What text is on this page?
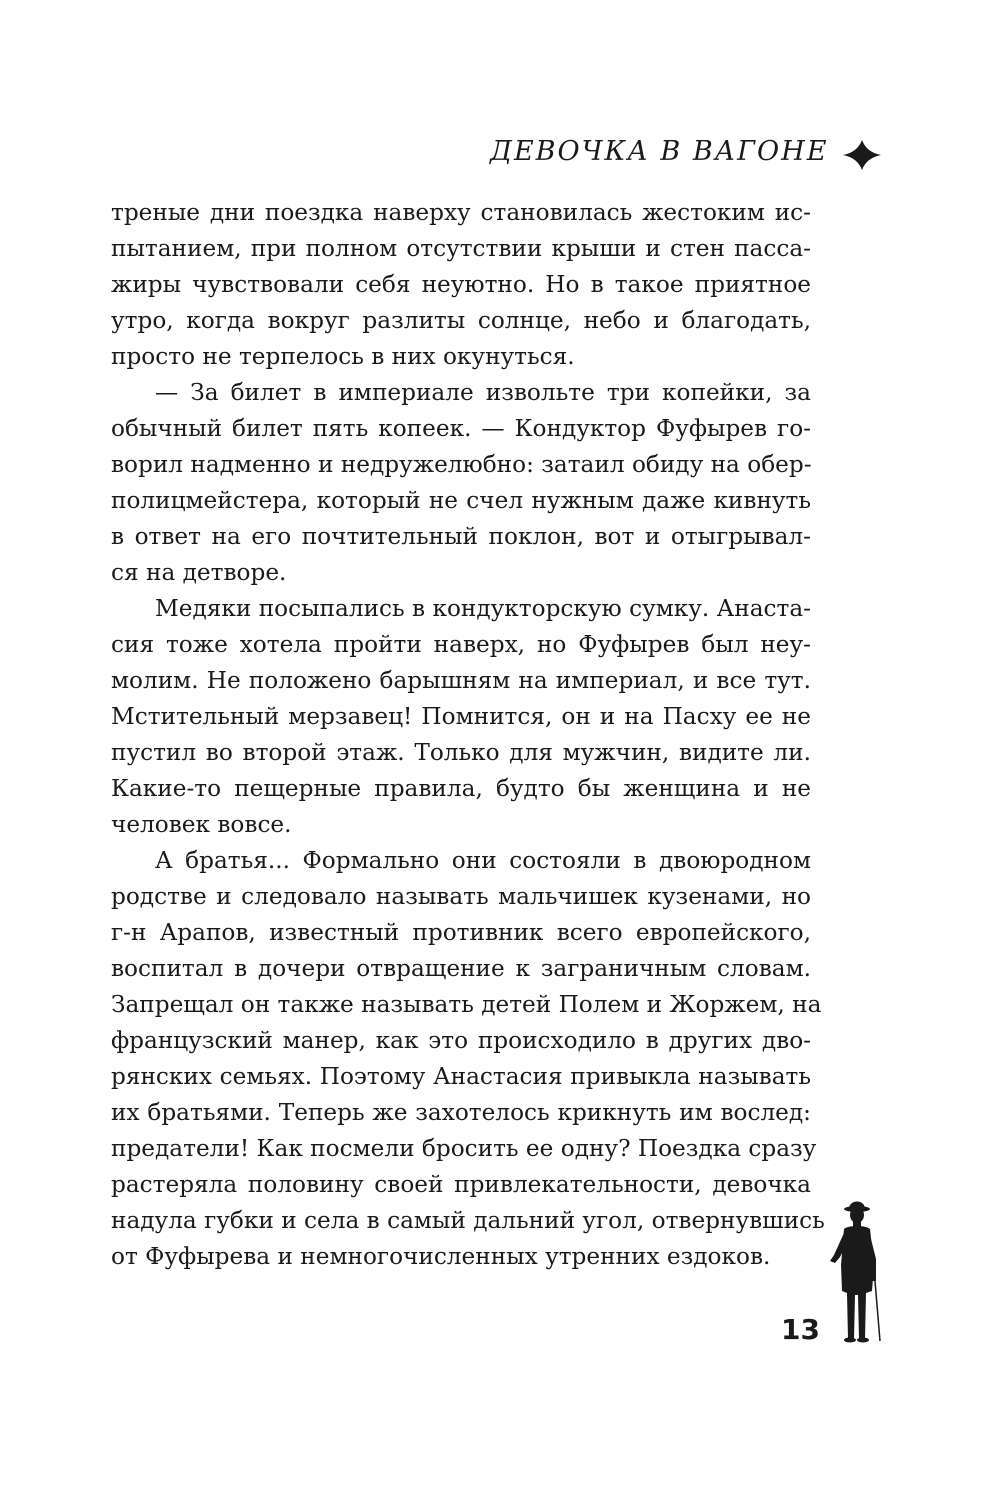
ДЕВОЧКА В ВАГОНЕ
треные дни поездка наверху становилась жестоким ис-
пытанием, при полном отсутствии крыши и стен пасса-
жиры чувствовали себя неуютно. Но в такое приятное
утро, когда вокруг разлиты солнце, небо и благодать,
просто не терпелось в них окунуться.
— За билет в империале извольте три копейки, за
обычный билет пять копеек. — Кондуктор Фуфырев го-
ворил надменно и недружелюбно: затаил обиду на обер-
полицмейстера, который не счел нужным даже кивнуть
в ответ на его почтительный поклон, вот и отыгрывал-
ся на детворе.
Медяки посыпались в кондукторскую сумку. Анаста-
сия тоже хотела пройти наверх, но Фуфырев был неу-
молим. Не положено барышням на империал, и все тут.
Мстительный мерзавец! Помнится, он и на Пасху ее не
пустил во второй этаж. Только для мужчин, видите ли.
Какие-то пещерные правила, будто бы женщина и не
человек вовсе.
А братья... Формально они состояли в двоюродном
родстве и следовало называть мальчишек кузенами, но
г-н Арапов, известный противник всего европейского,
воспитал в дочери отвращение к заграничным словам.
Запрещал он также называть детей Полем и Жоржем, на
французский манер, как это происходило в других дво-
рянских семьях. Поэтому Анастасия привыкла называть
их братьями. Теперь же захотелось крикнуть им вослед:
предатели! Как посмели бросить ее одну? Поездка сразу
растеряла половину своей привлекательности, девочка
надула губки и села в самый дальний угол, отвернувшись
от Фуфырева и немногочисленных утренних ездоков.
13
